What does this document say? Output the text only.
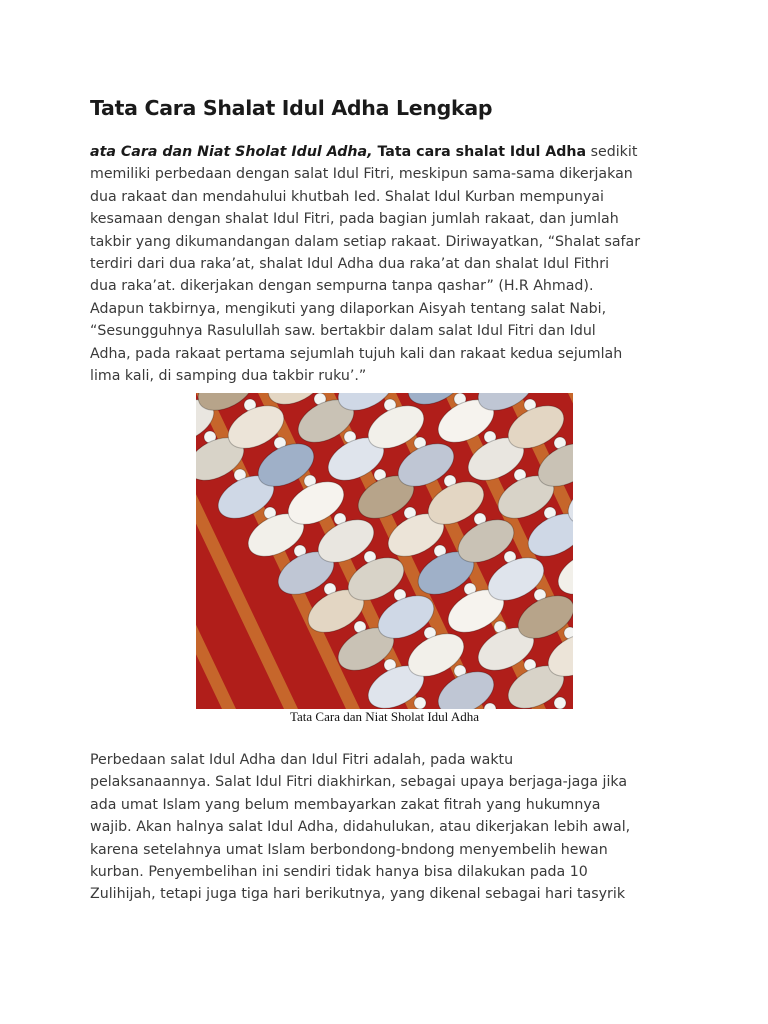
Tata Cara Shalat Idul Adha Lengkap
ata Cara dan Niat Sholat Idul Adha, Tata cara shalat Idul Adha sedikit
memiliki perbedaan dengan salat Idul Fitri, meskipun sama-sama dikerjakan
dua rakaat dan mendahului khutbah Ied. Shalat Idul Kurban mempunyai
kesamaan dengan shalat Idul Fitri, pada bagian jumlah rakaat, dan jumlah
takbir yang dikumandangan dalam setiap rakaat. Diriwayatkan, “Shalat safar
terdiri dari dua raka’at, shalat Idul Adha dua raka’at dan shalat Idul Fithri
dua raka’at. dikerjakan dengan sempurna tanpa qashar” (H.R Ahmad).
Adapun takbirnya, mengikuti yang dilaporkan Aisyah tentang salat Nabi,
“Sesungguhnya Rasulullah saw. bertakbir dalam salat Idul Fitri dan Idul
Adha, pada rakaat pertama sejumlah tujuh kali dan rakaat kedua sejumlah
lima kali, di samping dua takbir ruku’.”
Tata Cara dan Niat Sholat Idul Adha
Perbedaan salat Idul Adha dan Idul Fitri adalah, pada waktu
pelaksanaannya. Salat Idul Fitri diakhirkan, sebagai upaya berjaga-jaga jika
ada umat Islam yang belum membayarkan zakat fitrah yang hukumnya
wajib. Akan halnya salat Idul Adha, didahulukan, atau dikerjakan lebih awal,
karena setelahnya umat Islam berbondong-bndong menyembelih hewan
kurban. Penyembelihan ini sendiri tidak hanya bisa dilakukan pada 10
Zulihijah, tetapi juga tiga hari berikutnya, yang dikenal sebagai hari tasyrik
